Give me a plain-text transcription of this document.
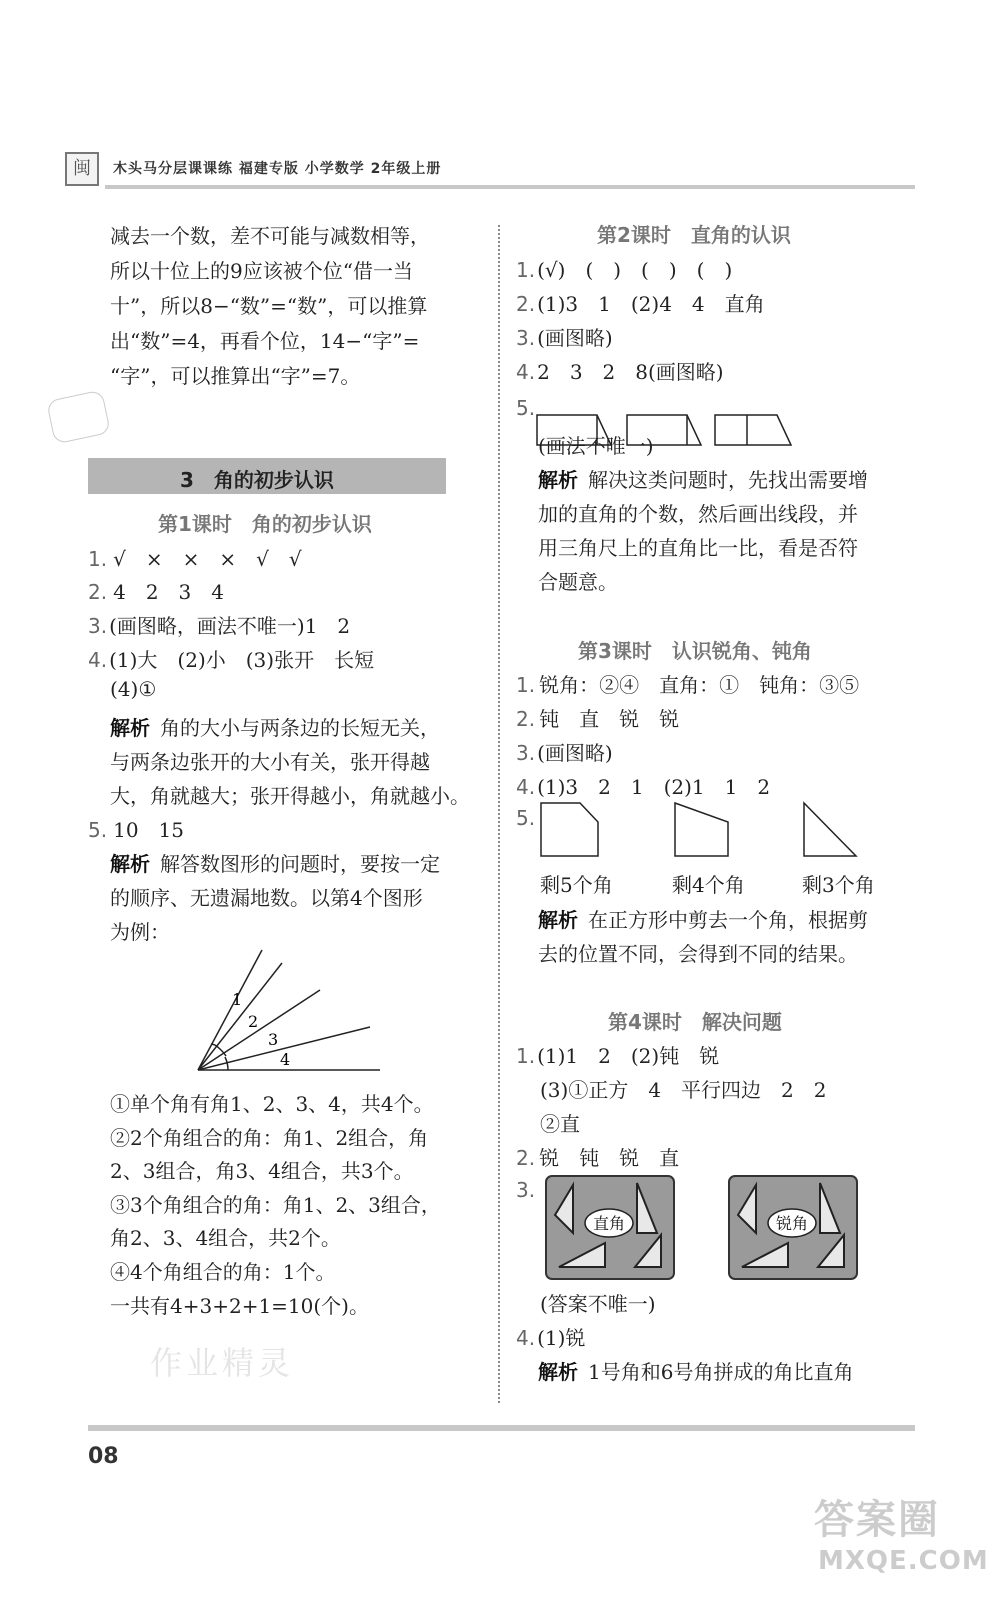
闽	木头马分层课课练 福建专版 小学数学 2年级上册
作业精灵
减去一个数，差不可能与减数相等，
所以十位上的9应该被个位“借一当
十”，所以8−“数”=“数”，可以推算
出“数”=4，再看个位，14−“字”=
“字”，可以推算出“字”=7。
3　角的初步认识
第1课时　角的初步认识
1. √　×　×　×　√　√
2. 4　2　3　4
3. (画图略，画法不唯一)1　2
4. (1)大　(2)小　(3)张开　长短
(4)①
解析 角的大小与两条边的长短无关，
与两条边张开的大小有关，张开得越
大，角就越大；张开得越小，角就越小。
5. 10　15
解析 解答数图形的问题时，要按一定
的顺序、无遗漏地数。以第4个图形
为例：
①单个角有角1、2、3、4，共4个。
②2个角组合的角：角1、2组合，角
2、3组合，角3、4组合，共3个。
③3个角组合的角：角1、2、3组合，
角2、3、4组合，共2个。
④4个角组合的角：1个。
一共有4+3+2+1=10(个)。
1
2
3
4
第2课时　直角的认识
1. (√)　(　)　(　)　(　)
2. (1)3　1　(2)4　4　直角
3. (画图略)
4. 2　3　2　8(画图略)
5.
(画法不唯一)
解析 解决这类问题时，先找出需要增
加的直角的个数，然后画出线段，并
用三角尺上的直角比一比，看是否符
合题意。
第3课时　认识锐角、钝角
1. 锐角：②④　直角：①　钝角：③⑤
2. 钝　直　锐　锐
3. (画图略)
4. (1)3　2　1　(2)1　1　2
5.
剩5个角	剩4个角	剩3个角
解析 在正方形中剪去一个角，根据剪
去的位置不同，会得到不同的结果。
第4课时　解决问题
1. (1)1　2　(2)钝　锐
(3)①正方　4　平行四边　2　2
②直
2. 锐　钝　锐　直
3.
(答案不唯一)
4. (1)锐
解析 1号角和6号角拼成的角比直角
直角	锐角
08
答案圈
MXQE.COM
